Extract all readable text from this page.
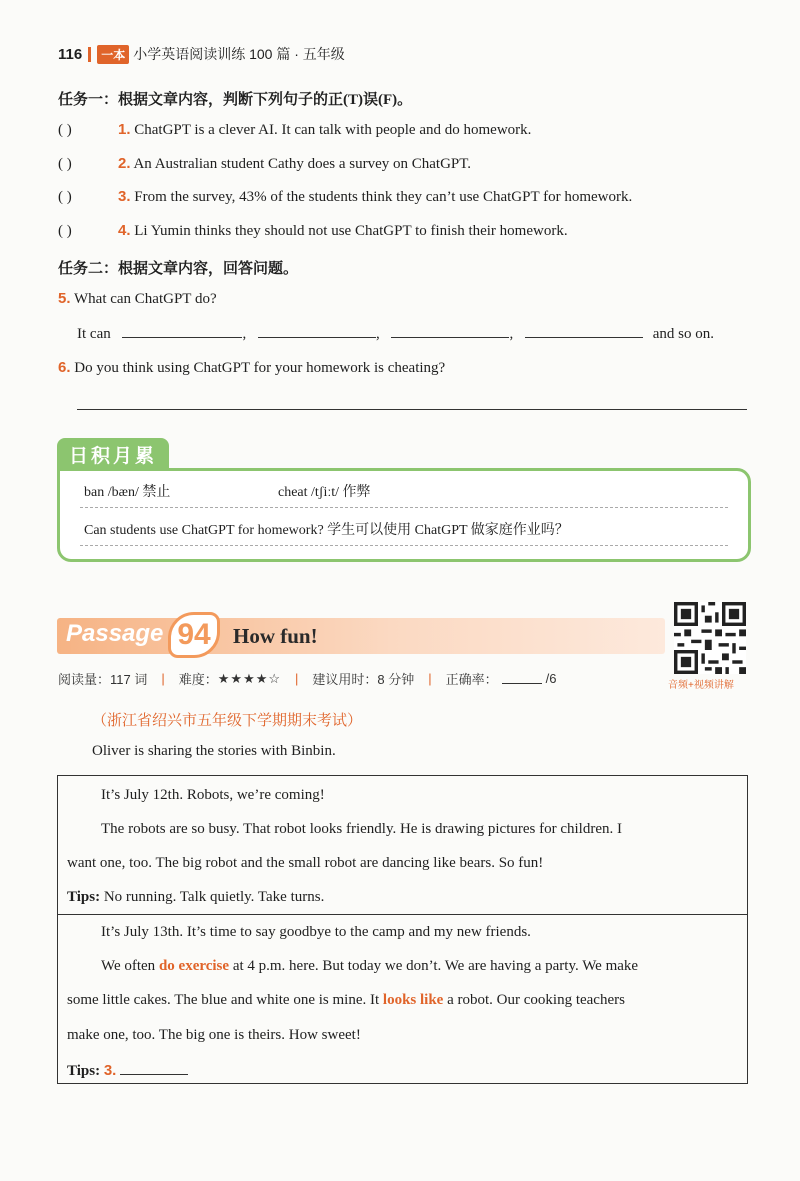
116	一本 小学英语阅读训练 100 篇 · 五年级
任务一：根据文章内容，判断下列句子的正(T)误(F)。
( )	1. ChatGPT is a clever AI. It can talk with people and do homework.
( )	2. An Australian student Cathy does a survey on ChatGPT.
( )	3. From the survey, 43% of the students think they can’t use ChatGPT for homework.
( )	4. Li Yumin thinks they should not use ChatGPT to finish their homework.
任务二：根据文章内容，回答问题。
5. What can ChatGPT do?
It can	,	,	,	and so on.
6. Do you think using ChatGPT for your homework is cheating?
日积月累
ban /bæn/ 禁止	cheat /tʃiːt/ 作弊
Can students use ChatGPT for homework? 学生可以使用 ChatGPT 做家庭作业吗？
Passage 94	How fun!
音频+视频讲解
阅读量：117 词 | 难度： ★★★★☆ | 建议用时：8 分钟 | 正确率：	/6
（浙江省绍兴市五年级下学期期末考试）
Oliver is sharing the stories with Binbin.
It’s July 12th. Robots, we’re coming!
The robots are so busy. That robot looks friendly. He is drawing pictures for children. I
want one, too. The big robot and the small robot are dancing like bears. So fun!
Tips: No running. Talk quietly. Take turns.
It’s July 13th. It’s time to say goodbye to the camp and my new friends.
We often do exercise at 4 p.m. here. But today we don’t. We are having a party. We make
some little cakes. The blue and white one is mine. It looks like a robot. Our cooking teachers
make one, too. The big one is theirs. How sweet!
Tips: 3.
